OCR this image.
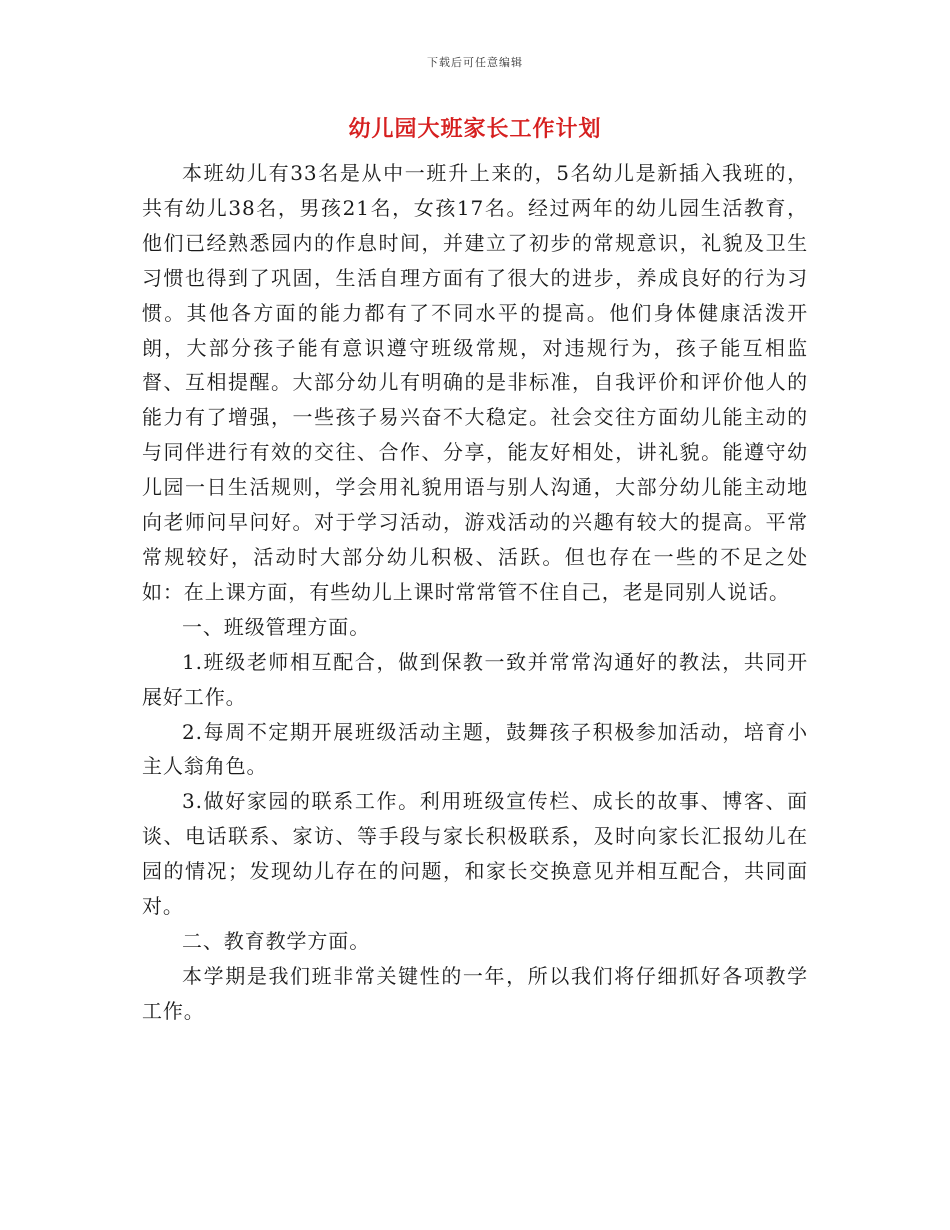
下载后可任意编辑
幼儿园大班家长工作计划

本班幼儿有33名是从中一班升上来的，5名幼儿是新插入我班的，共有幼儿38名，男孩21名，女孩17名。经过两年的幼儿园生活教育，他们已经熟悉园内的作息时间，并建立了初步的常规意识，礼貌及卫生习惯也得到了巩固，生活自理方面有了很大的进步，养成良好的行为习惯。其他各方面的能力都有了不同水平的提高。他们身体健康活泼开朗，大部分孩子能有意识遵守班级常规，对违规行为，孩子能互相监督、互相提醒。大部分幼儿有明确的是非标准，自我评价和评价他人的能力有了增强，一些孩子易兴奋不大稳定。社会交往方面幼儿能主动的与同伴进行有效的交往、合作、分享，能友好相处，讲礼貌。能遵守幼儿园一日生活规则，学会用礼貌用语与别人沟通，大部分幼儿能主动地向老师问早问好。对于学习活动，游戏活动的兴趣有较大的提高。平常常规较好，活动时大部分幼儿积极、活跃。但也存在一些的不足之处如：在上课方面，有些幼儿上课时常常管不住自己，老是同别人说话。

一、班级管理方面。

1.班级老师相互配合，做到保教一致并常常沟通好的教法，共同开展好工作。

2.每周不定期开展班级活动主题，鼓舞孩子积极参加活动，培育小主人翁角色。

3.做好家园的联系工作。利用班级宣传栏、成长的故事、博客、面谈、电话联系、家访、等手段与家长积极联系，及时向家长汇报幼儿在园的情况；发现幼儿存在的问题，和家长交换意见并相互配合，共同面对。

二、教育教学方面。

本学期是我们班非常关键性的一年，所以我们将仔细抓好各项教学工作。
